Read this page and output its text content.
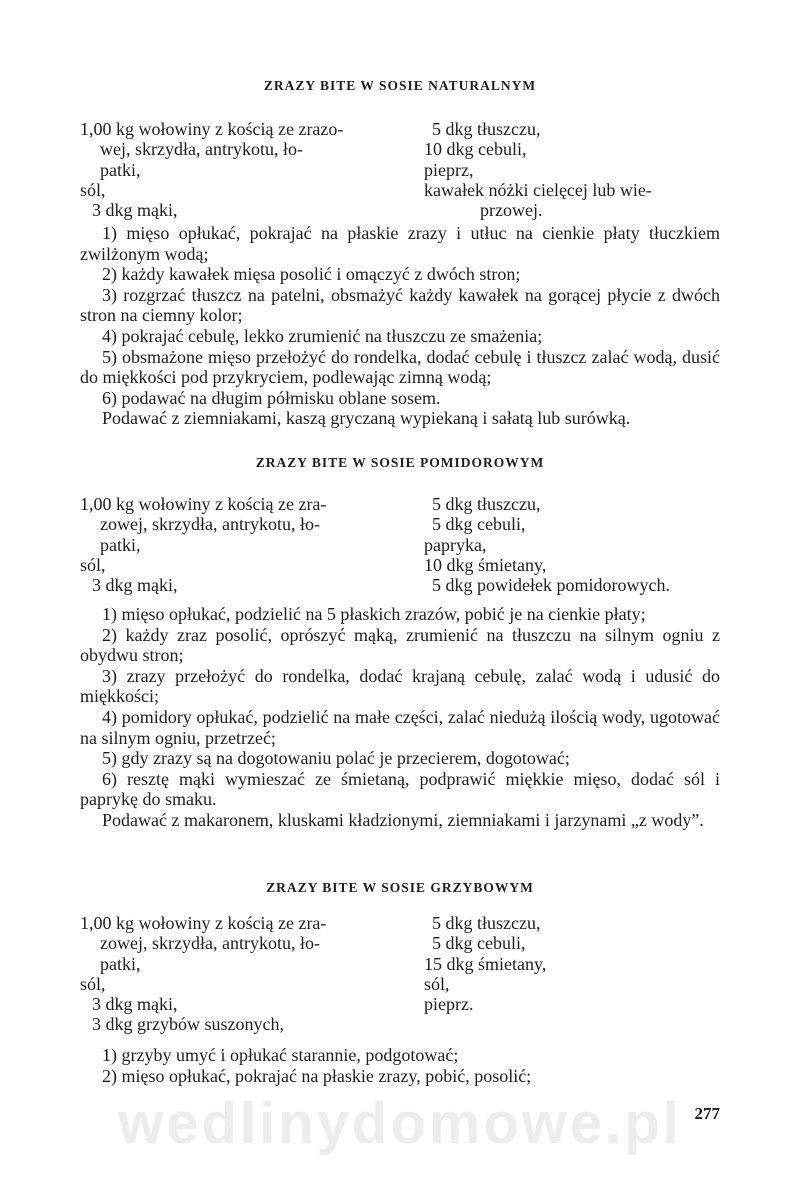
ZRAZY BITE W SOSIE NATURALNYM
1,00 kg wołowiny z kością ze zrazo-
wej, skrzydła, antrykotu, ło-
patki,
sól,
3 dkg mąki,
5 dkg tłuszczu,
10 dkg cebuli,
pieprz,
kawałek nóżki cielęcej lub wie-
przowej.

1) mięso opłukać, pokrajać na płaskie zrazy i utłuc na cienkie płaty tłuczkiem zwilżonym wodą;

2) każdy kawałek mięsa posolić i omączyć z dwóch stron;

3) rozgrzać tłuszcz na patelni, obsmażyć każdy kawałek na gorącej płycie z dwóch stron na ciemny kolor;

4) pokrajać cebulę, lekko zrumienić na tłuszczu ze smażenia;

5) obsmażone mięso przełożyć do rondelka, dodać cebulę i tłuszcz zalać wodą, dusić do miękkości pod przykryciem, podlewając zimną wodą;

6) podawać na długim półmisku oblane sosem.

Podawać z ziemniakami, kaszą gryczaną wypiekaną i sałatą lub surówką.

ZRAZY BITE W SOSIE POMIDOROWYM
1,00 kg wołowiny z kością ze zra-
zowej, skrzydła, antrykotu, ło-
patki,
sól,
3 dkg mąki,
5 dkg tłuszczu,
5 dkg cebuli,
papryka,
10 dkg śmietany,
5 dkg powidełek pomidorowych.

1) mięso opłukać, podzielić na 5 płaskich zrazów, pobić je na cienkie płaty;

2) każdy zraz posolić, oprószyć mąką, zrumienić na tłuszczu na silnym ogniu z obydwu stron;

3) zrazy przełożyć do rondelka, dodać krajaną cebulę, zalać wodą i udusić do miękkości;

4) pomidory opłukać, podzielić na małe części, zalać niedużą ilością wody, ugotować na silnym ogniu, przetrzeć;

5) gdy zrazy są na dogotowaniu polać je przecierem, dogotować;

6) resztę mąki wymieszać ze śmietaną, podprawić miękkie mięso, dodać sól i paprykę do smaku.

Podawać z makaronem, kluskami kładzionymi, ziemniakami i jarzynami „z wody”.

ZRAZY BITE W SOSIE GRZYBOWYM
1,00 kg wołowiny z kością ze zra-
zowej, skrzydła, antrykotu, ło-
patki,
sól,
3 dkg mąki,
3 dkg grzybów suszonych,
5 dkg tłuszczu,
5 dkg cebuli,
15 dkg śmietany,
sól,
pieprz.

1) grzyby umyć i opłukać starannie, podgotować;

2) mięso opłukać, pokrajać na płaskie zrazy, pobić, posolić;

wedlinydomowe.pl 277
